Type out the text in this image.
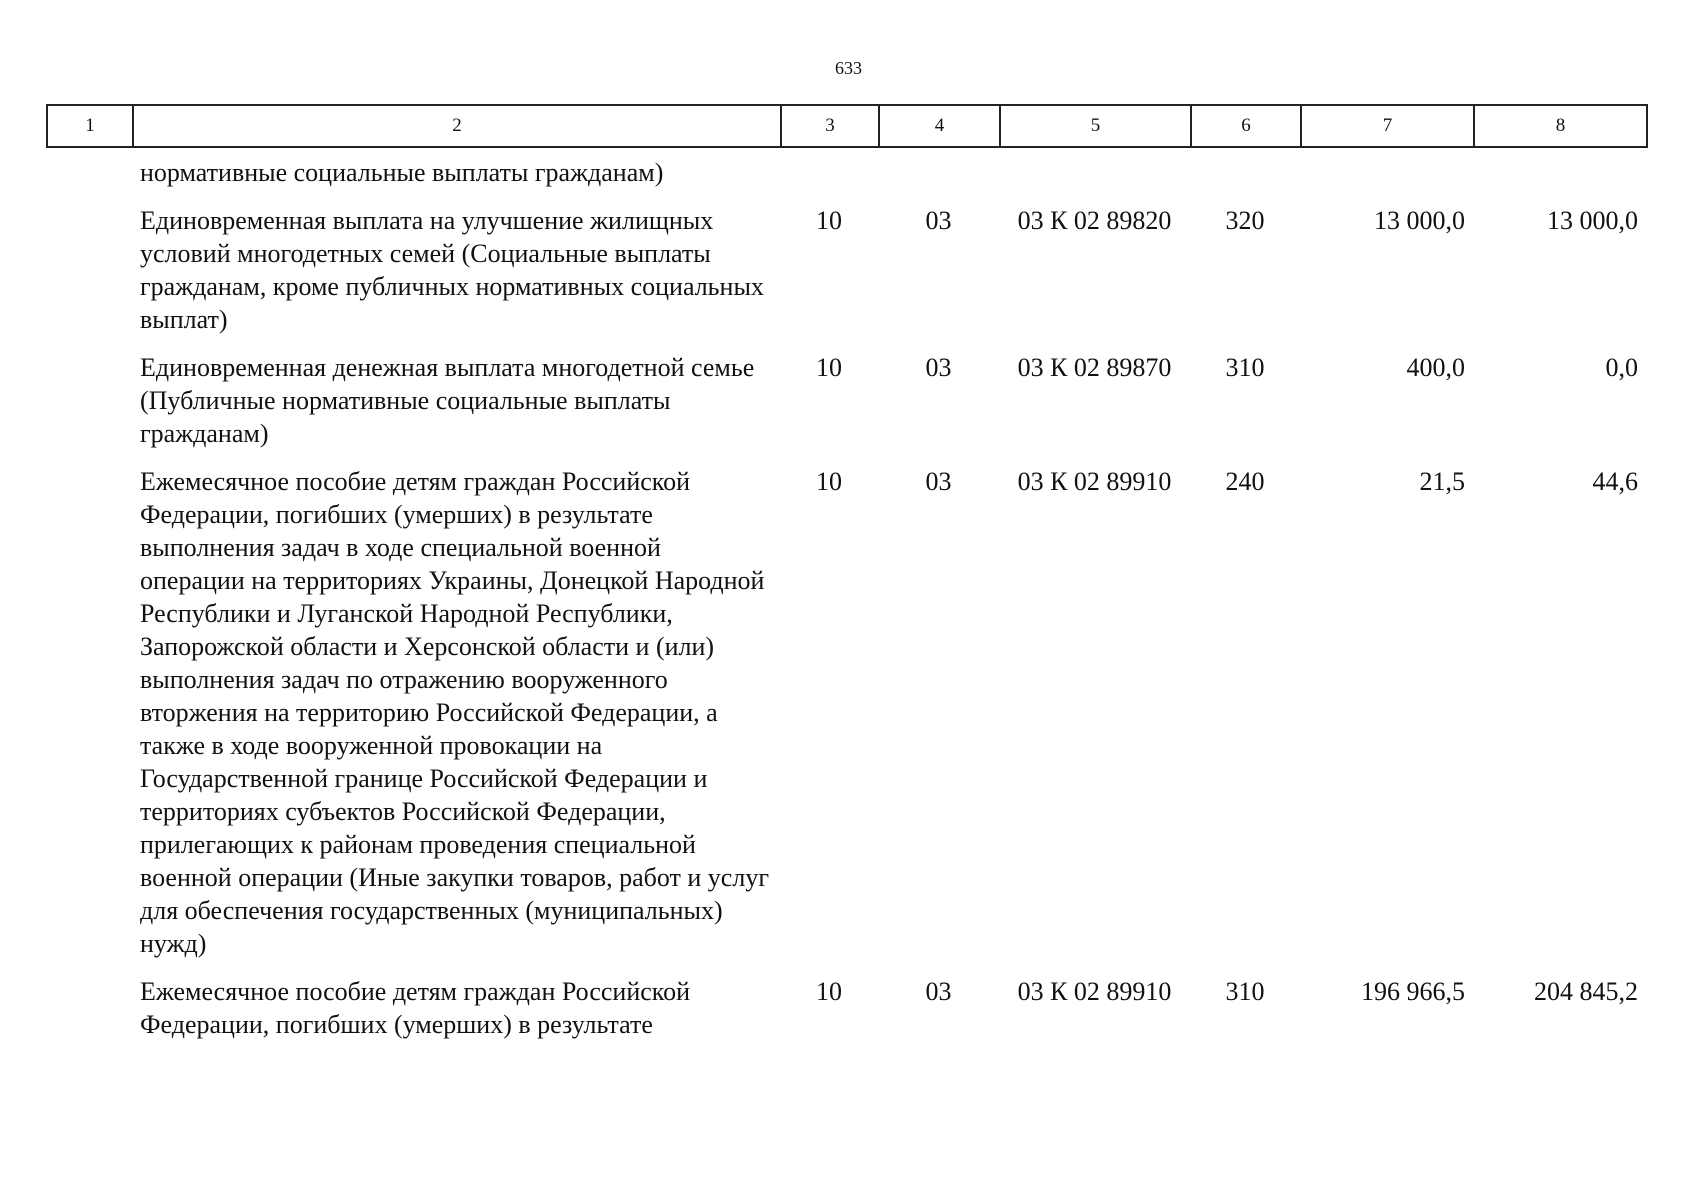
633
1	2	3	4	5	6	7	8

	нормативные социальные выплаты гражданам)						

	Единовременная выплата на улучшение жилищных условий многодетных семей (Социальные выплаты гражданам, кроме публичных нормативных социальных выплат)	10	03	03 К 02 89820	320	13 000,0	13 000,0

	Единовременная денежная выплата многодетной семье (Публичные нормативные социальные выплаты гражданам)	10	03	03 К 02 89870	310	400,0	0,0

	Ежемесячное пособие детям граждан Российской Федерации, погибших (умерших) в результате выполнения задач в ходе специальной военной операции на территориях Украины, Донецкой Народной Республики и Луганской Народной Республики, Запорожской области и Херсонской области и (или) выполнения задач по отражению вооруженного вторжения на территорию Российской Федерации, а также в ходе вооруженной провокации на Государственной границе Российской Федерации и территориях субъектов Российской Федерации, прилегающих к районам проведения специальной военной операции (Иные закупки товаров, работ и услуг для обеспечения государственных (муниципальных) нужд)	10	03	03 К 02 89910	240	21,5	44,6

	Ежемесячное пособие детям граждан Российской Федерации, погибших (умерших) в результате	10	03	03 К 02 89910	310	196 966,5	204 845,2
